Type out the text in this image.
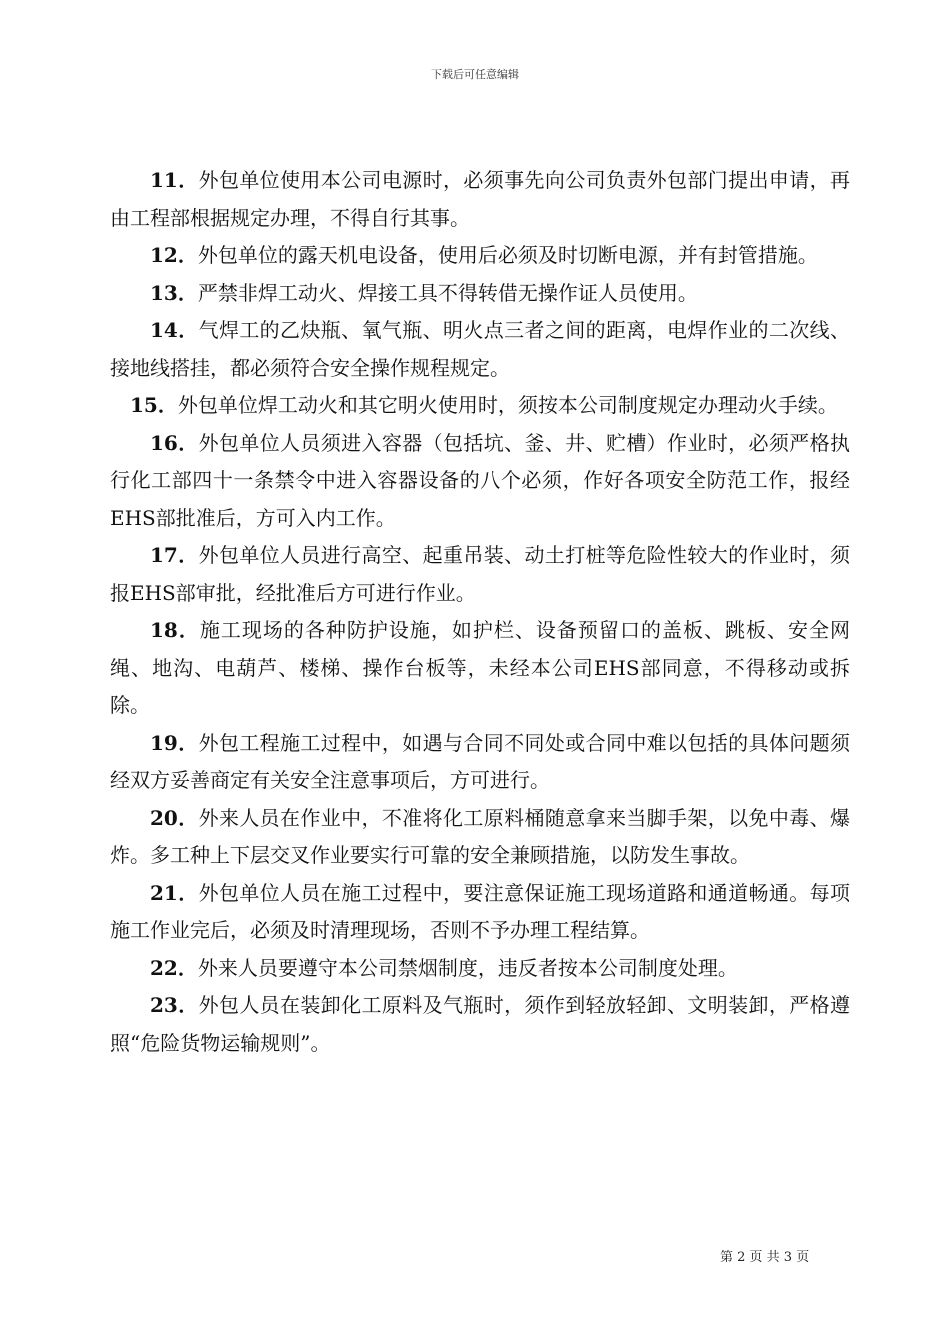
下载后可任意编辑

11．外包单位使用本公司电源时，必须事先向公司负责外包部门提出申请，再由工程部根据规定办理，不得自行其事。

12．外包单位的露天机电设备，使用后必须及时切断电源，并有封管措施。

13．严禁非焊工动火、焊接工具不得转借无操作证人员使用。

14．气焊工的乙炔瓶、氧气瓶、明火点三者之间的距离，电焊作业的二次线、接地线搭挂，都必须符合安全操作规程规定。

15．外包单位焊工动火和其它明火使用时，须按本公司制度规定办理动火手续。

16．外包单位人员须进入容器（包括坑、釜、井、贮槽）作业时，必须严格执行化工部四十一条禁令中进入容器设备的八个必须，作好各项安全防范工作，报经EHS部批准后，方可入内工作。

17．外包单位人员进行高空、起重吊装、动土打桩等危险性较大的作业时，须报EHS部审批，经批准后方可进行作业。

18．施工现场的各种防护设施，如护栏、设备预留口的盖板、跳板、安全网绳、地沟、电葫芦、楼梯、操作台板等，未经本公司EHS部同意，不得移动或拆除。

19．外包工程施工过程中，如遇与合同不同处或合同中难以包括的具体问题须经双方妥善商定有关安全注意事项后，方可进行。

20．外来人员在作业中，不准将化工原料桶随意拿来当脚手架，以免中毒、爆炸。多工种上下层交叉作业要实行可靠的安全兼顾措施，以防发生事故。

21．外包单位人员在施工过程中，要注意保证施工现场道路和通道畅通。每项施工作业完后，必须及时清理现场，否则不予办理工程结算。

22．外来人员要遵守本公司禁烟制度，违反者按本公司制度处理。

23．外包人员在装卸化工原料及气瓶时，须作到轻放轻卸、文明装卸，严格遵照“危险货物运输规则”。

第 2 页 共 3 页
